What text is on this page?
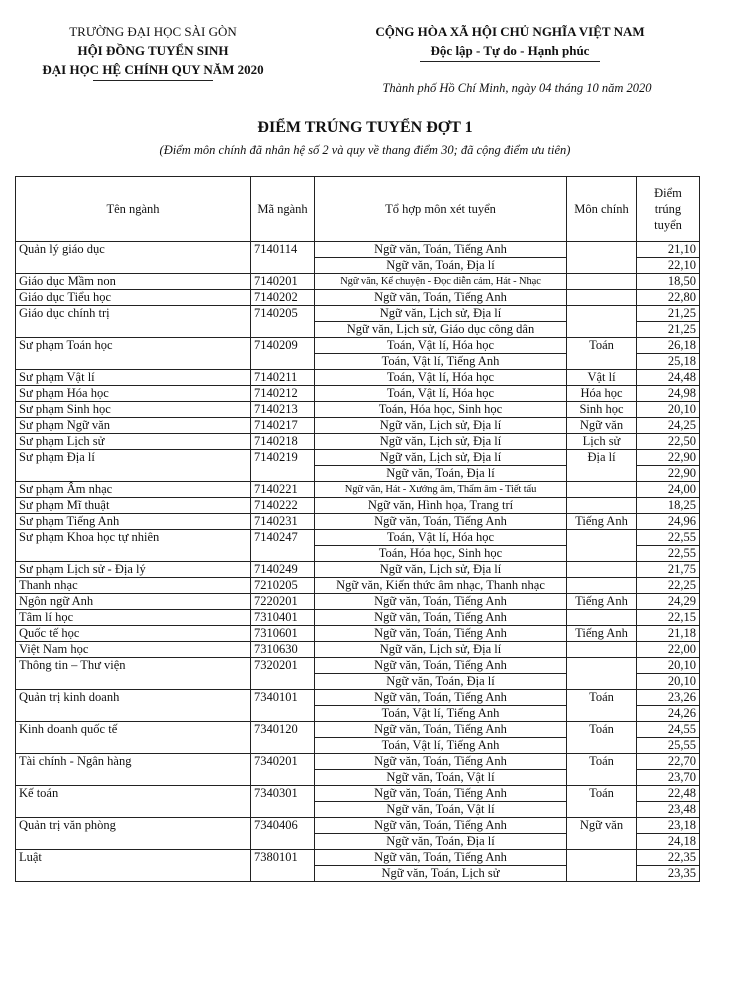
TRƯỜNG ĐẠI HỌC SÀI GÒN
HỘI ĐỒNG TUYỂN SINH
ĐẠI HỌC HỆ CHÍNH QUY NĂM 2020
CỘNG HÒA XÃ HỘI CHỦ NGHĨA VIỆT NAM
Độc lập - Tự do - Hạnh phúc
Thành phố Hồ Chí Minh, ngày 04 tháng 10 năm 2020
ĐIỂM TRÚNG TUYỂN ĐỢT 1
(Điểm môn chính đã nhân hệ số 2 và quy về thang điểm 30; đã cộng điểm ưu tiên)
Tên ngành	Mã ngành	Tổ hợp môn xét tuyển	Môn chính	Điểm
trúng
tuyển

Quản lý giáo dục	7140114	Ngữ văn, Toán, Tiếng Anh		21,10
		Ngữ văn, Toán, Địa lí		22,10
Giáo dục Mầm non	7140201	Ngữ văn, Kể chuyện - Đọc diễn cảm, Hát - Nhạc		18,50
Giáo dục Tiểu học	7140202	Ngữ văn, Toán, Tiếng Anh		22,80
Giáo dục chính trị	7140205	Ngữ văn, Lịch sử, Địa lí		21,25
		Ngữ văn, Lịch sử, Giáo dục công dân		21,25
Sư phạm Toán học	7140209	Toán, Vật lí, Hóa học	Toán	26,18
		Toán, Vật lí, Tiếng Anh		25,18
Sư phạm Vật lí	7140211	Toán, Vật lí, Hóa học	Vật lí	24,48
Sư phạm Hóa học	7140212	Toán, Vật lí, Hóa học	Hóa học	24,98
Sư phạm Sinh học	7140213	Toán, Hóa học, Sinh học	Sinh học	20,10
Sư phạm Ngữ văn	7140217	Ngữ văn, Lịch sử, Địa lí	Ngữ văn	24,25
Sư phạm Lịch sử	7140218	Ngữ văn, Lịch sử, Địa lí	Lịch sử	22,50
Sư phạm Địa lí	7140219	Ngữ văn, Lịch sử, Địa lí	Địa lí	22,90
		Ngữ văn, Toán, Địa lí		22,90
Sư phạm Âm nhạc	7140221	Ngữ văn, Hát - Xướng âm, Thẩm âm - Tiết tấu		24,00
Sư phạm Mĩ thuật	7140222	Ngữ văn, Hình họa, Trang trí		18,25
Sư phạm Tiếng Anh	7140231	Ngữ văn, Toán, Tiếng Anh	Tiếng Anh	24,96
Sư phạm Khoa học tự nhiên	7140247	Toán, Vật lí, Hóa học		22,55
		Toán, Hóa học, Sinh học		22,55
Sư phạm Lịch sử - Địa lý	7140249	Ngữ văn, Lịch sử, Địa lí		21,75
Thanh nhạc	7210205	Ngữ văn, Kiến thức âm nhạc, Thanh nhạc		22,25
Ngôn ngữ Anh	7220201	Ngữ văn, Toán, Tiếng Anh	Tiếng Anh	24,29
Tâm lí học	7310401	Ngữ văn, Toán, Tiếng Anh		22,15
Quốc tế học	7310601	Ngữ văn, Toán, Tiếng Anh	Tiếng Anh	21,18
Việt Nam học	7310630	Ngữ văn, Lịch sử, Địa lí		22,00
Thông tin – Thư viện	7320201	Ngữ văn, Toán, Tiếng Anh		20,10
		Ngữ văn, Toán, Địa lí		20,10
Quản trị kinh doanh	7340101	Ngữ văn, Toán, Tiếng Anh	Toán	23,26
		Toán, Vật lí, Tiếng Anh		24,26
Kinh doanh quốc tế	7340120	Ngữ văn, Toán, Tiếng Anh	Toán	24,55
		Toán, Vật lí, Tiếng Anh		25,55
Tài chính - Ngân hàng	7340201	Ngữ văn, Toán, Tiếng Anh	Toán	22,70
		Ngữ văn, Toán, Vật lí		23,70
Kế toán	7340301	Ngữ văn, Toán, Tiếng Anh	Toán	22,48
		Ngữ văn, Toán, Vật lí		23,48
Quản trị văn phòng	7340406	Ngữ văn, Toán, Tiếng Anh	Ngữ văn	23,18
		Ngữ văn, Toán, Địa lí		24,18
Luật	7380101	Ngữ văn, Toán, Tiếng Anh		22,35
		Ngữ văn, Toán, Lịch sử		23,35
